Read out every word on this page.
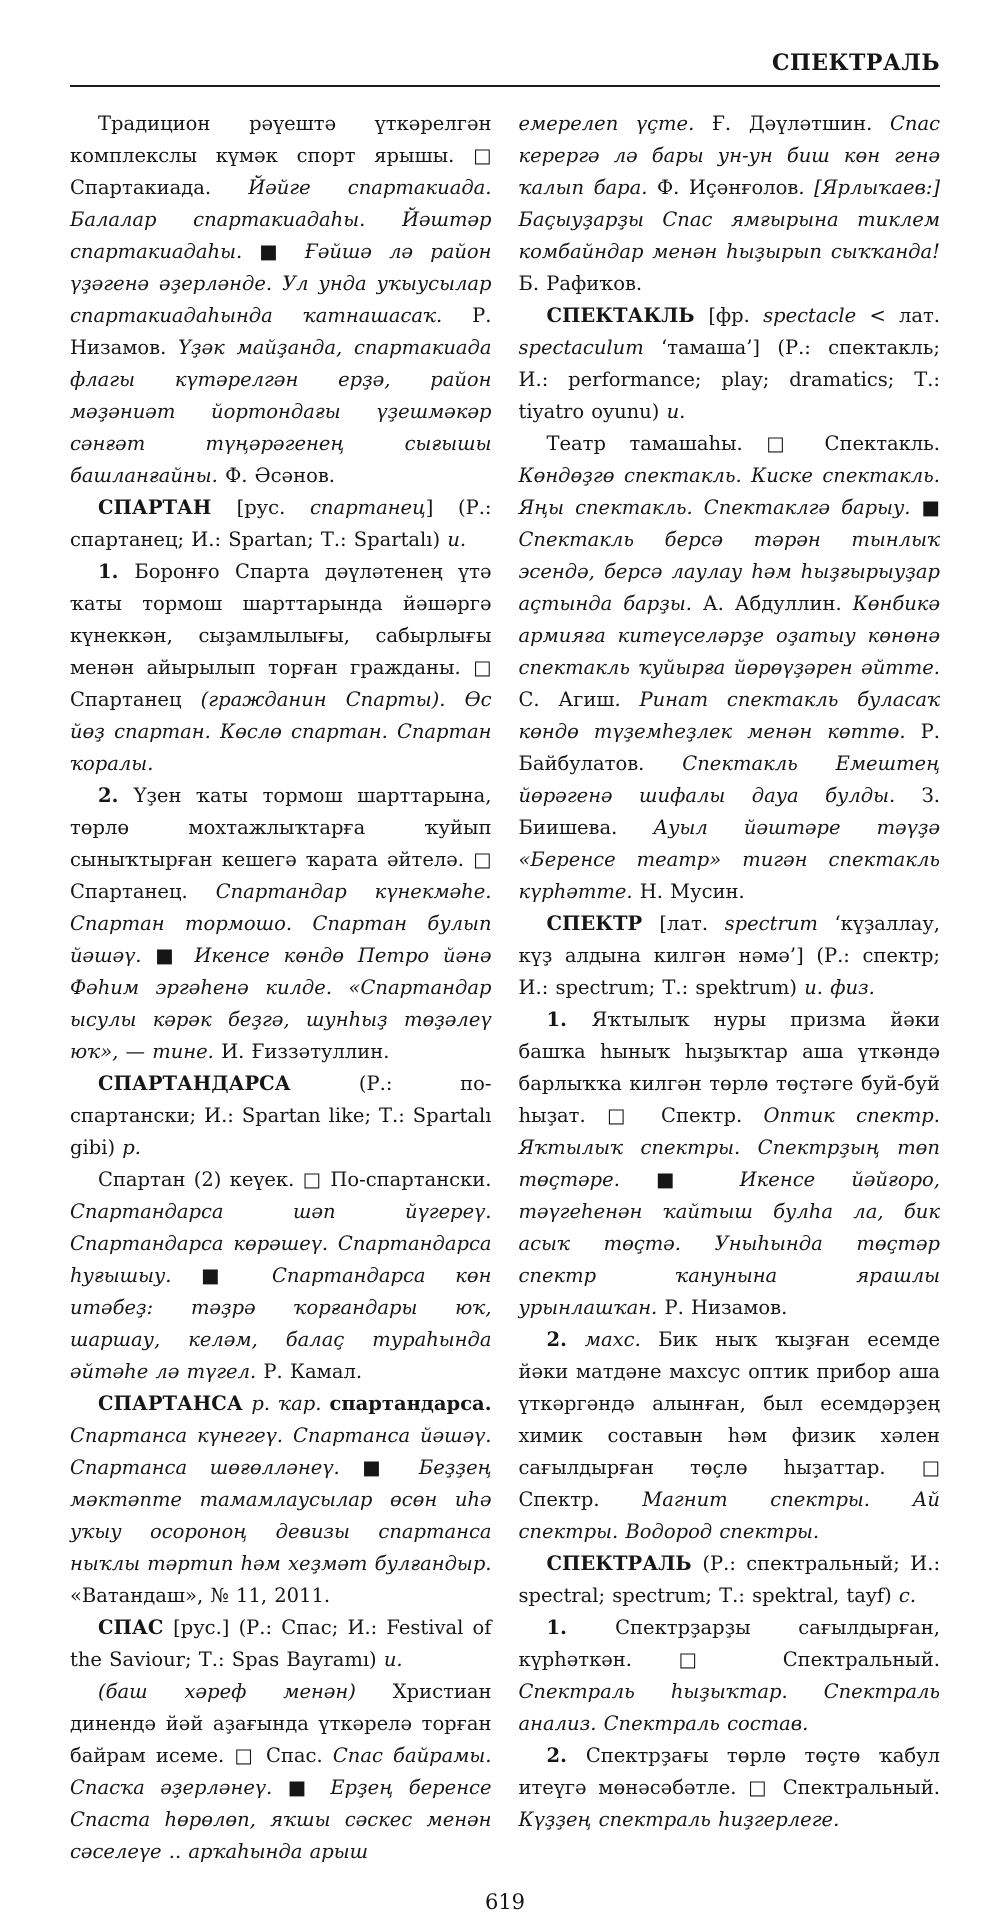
СПЕКТРАЛЬ

Традицион рәүештә үткәрелгән комплекслы күмәк спорт ярышы. □ Спартакиада. Йәйге спартакиада. Балалар спартакиадаһы. Йәштәр спартакиадаһы. ■ Ғәйшә лә район үҙәгенә әҙерләнде. Ул унда уҡыусылар спартакиадаһында ҡатнашасаҡ. Р. Низамов. Үҙәк майҙанда, спартакиада флагы күтәрелгән ерҙә, район мәҙәниәт йортондағы үҙешмәкәр сәнғәт түңәрәгенең сығышы башланғайны. Ф. Әсәнов.

СПАРТАН [рус. спартанец] (Р.: спартанец; И.: Spartan; Т.: Spartalı) и.

1. Боронғо Спарта дәүләтенең үтә ҡаты тормош шарттарында йәшәргә күнеккән, сыҙамлылығы, сабырлығы менән айырылып торған гражданы. □ Спартанец (гражданин Спарты). Өс йөҙ спартан. Көслө спартан. Спартан ҡоралы.

2. Үҙен ҡаты тормош шарттарына, төрлө мохтажлыҡтарға ҡуйып сыныҡтырған кешегә ҡарата әйтелә. □ Спартанец. Спартандар күнекмәһе. Спартан тормошо. Спартан булып йәшәү. ■ Икенсе көндө Петро йәнә Фәһим эргәһенә килде. «Спартандар ысулы кәрәк беҙгә, шунһыҙ төҙәлеү юҡ», — тине. И. Ғиззәтуллин.

СПАРТАНДАРСА (Р.: по-спартански; И.: Spartan like; Т.: Spartalı gibi) р.

Спартан (2) кеүек. □ По-спартански. Спартандарса шәп йүгереү. Спартандарса көрәшеү. Спартандарса һуғышыу. ■ Спартандарса көн итәбеҙ: тәҙрә ҡорғандары юҡ, шаршау, келәм, балаҫ тураһында әйтәһе лә түгел. Р. Камал.

СПАРТАНСА р. ҡар. спартандарса. Спартанса күнегеү. Спартанса йәшәү. Спартанса шөғөлләнеү. ■ Беҙҙең мәктәпте тамамлаусылар өсөн иһә уҡыу осороноң девизы спартанса ныҡлы тәртип һәм хеҙмәт булғандыр. «Ватандаш», № 11, 2011.

СПАС [рус.] (Р.: Спас; И.: Festival of the Saviour; Т.: Spas Bayramı) и.

(баш хәреф менән) Христиан динендә йәй аҙағында үткәрелә торған байрам исеме. □ Спас. Спас байрамы. Спасҡа әҙерләнеү. ■ Ерҙең беренсе Спаста һөрөлөп, яҡшы сәскес менән сәселеүе .. арҡаһында арыш

емерелеп үҫте. Ғ. Дәүләтшин. Спас керергә лә бары ун-ун биш көн генә ҡалып бара. Ф. Иҫәнғолов. [Ярлыҡаев:] Баҫыуҙарҙы Спас ямғырына тиклем комбайндар менән һыҙырып сыҡҡанда! Б. Рафиҡов.

СПЕКТАКЛЬ [фр. spectacle < лат. spectaculum ‘тамаша’] (Р.: спектакль; И.: performance; play; dramatics; Т.: tiyatro oyunu) и.

Театр тамашаһы. □ Спектакль. Көндөҙгө спектакль. Киске спектакль. Яңы спектакль. Спектаклгә барыу. ■ Спектакль берсә тәрән тынлыҡ эсендә, берсә лаулау һәм һыҙғырыуҙар аҫтында барҙы. А. Абдуллин. Көнбикә армияға китеүселәрҙе оҙатыу көнөнә спектакль ҡуйырға йөрөүҙәрен әйтте. С. Агиш. Ринат спектакль буласаҡ көндө түҙемһеҙлек менән көттө. Р. Байбулатов. Спектакль Емештең йөрәгенә шифалы дауа булды. З. Биишева. Ауыл йәштәре тәүҙә «Беренсе театр» тигән спектакль күрһәтте. Н. Мусин.

СПЕКТР [лат. spectrum ‘күҙаллау, күҙ алдына килгән нәмә’] (Р.: спектр; И.: spectrum; Т.: spektrum) и. физ.

1. Яҡтылыҡ нуры призма йәки башҡа һыныҡ һыҙыҡтар аша үткәндә барлыҡҡа килгән төрлө төҫтәге буй-буй һыҙат. □ Спектр. Оптик спектр. Яҡтылыҡ спектры. Спектрҙың төп төҫтәре. ■ Икенсе йәйғоро, тәүгеһенән ҡайтыш булһа ла, бик асыҡ төҫтә. Уныһында төҫтәр спектр ҡанунына ярашлы урынлашҡан. Р. Низамов.

2. махс. Бик ныҡ ҡыҙған есемде йәки матдәне махсус оптик прибор аша үткәргәндә алынған, был есемдәрҙең химик составын һәм физик хәлен сағылдырған төҫлө һыҙаттар. □ Спектр. Магнит спектры. Ай спектры. Водород спектры.

СПЕКТРАЛЬ (Р.: спектральный; И.: spectral; spectrum; Т.: spektral, tayf) с.

1. Спектрҙарҙы сағылдырған, күрһәткән. □ Спектральный. Спектраль һыҙыҡтар. Спектраль анализ. Спектраль состав.

2. Спектрҙағы төрлө төҫтө ҡабул итеүгә мөнәсәбәтле. □ Спектральный. Күҙҙең спектраль һиҙгерлеге.

619
